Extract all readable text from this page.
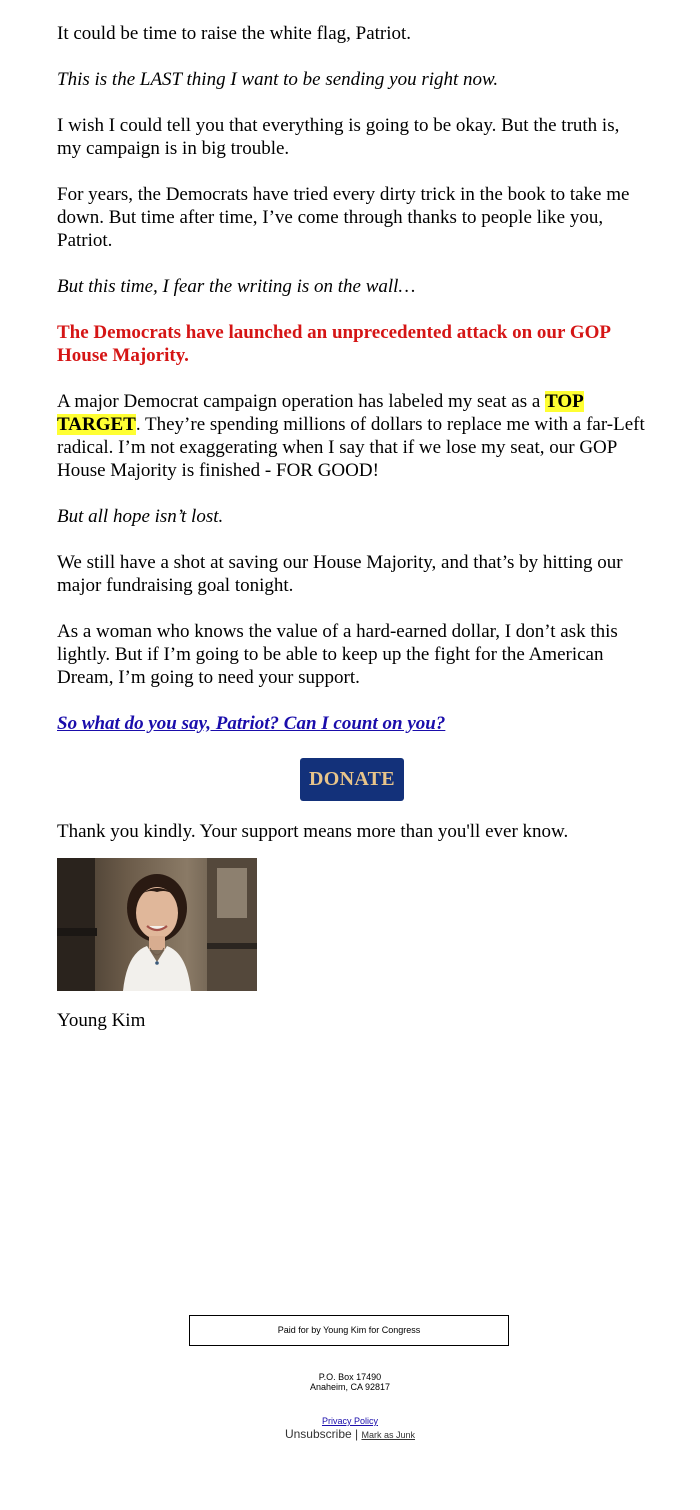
It could be time to raise the white flag, Patriot.

This is the LAST thing I want to be sending you right now.

I wish I could tell you that everything is going to be okay. But the truth is, my campaign is in big trouble.

For years, the Democrats have tried every dirty trick in the book to take me down. But time after time, I’ve come through thanks to people like you, Patriot.

But this time, I fear the writing is on the wall…

The Democrats have launched an unprecedented attack on our GOP House Majority.

A major Democrat campaign operation has labeled my seat as a TOP TARGET. They’re spending millions of dollars to replace me with a far-Left radical. I’m not exaggerating when I say that if we lose my seat, our GOP House Majority is finished - FOR GOOD!

But all hope isn’t lost.

We still have a shot at saving our House Majority, and that’s by hitting our major fundraising goal tonight.

As a woman who knows the value of a hard-earned dollar, I don’t ask this lightly. But if I’m going to be able to keep up the fight for the American Dream, I’m going to need your support.

So what do you say, Patriot? Can I count on you?

DONATE

Thank you kindly. Your support means more than you'll ever know.

Young Kim

Paid for by Young Kim for Congress
P.O. Box 17490
Anaheim, CA 92817
Privacy Policy
Unsubscribe | Mark as Junk
